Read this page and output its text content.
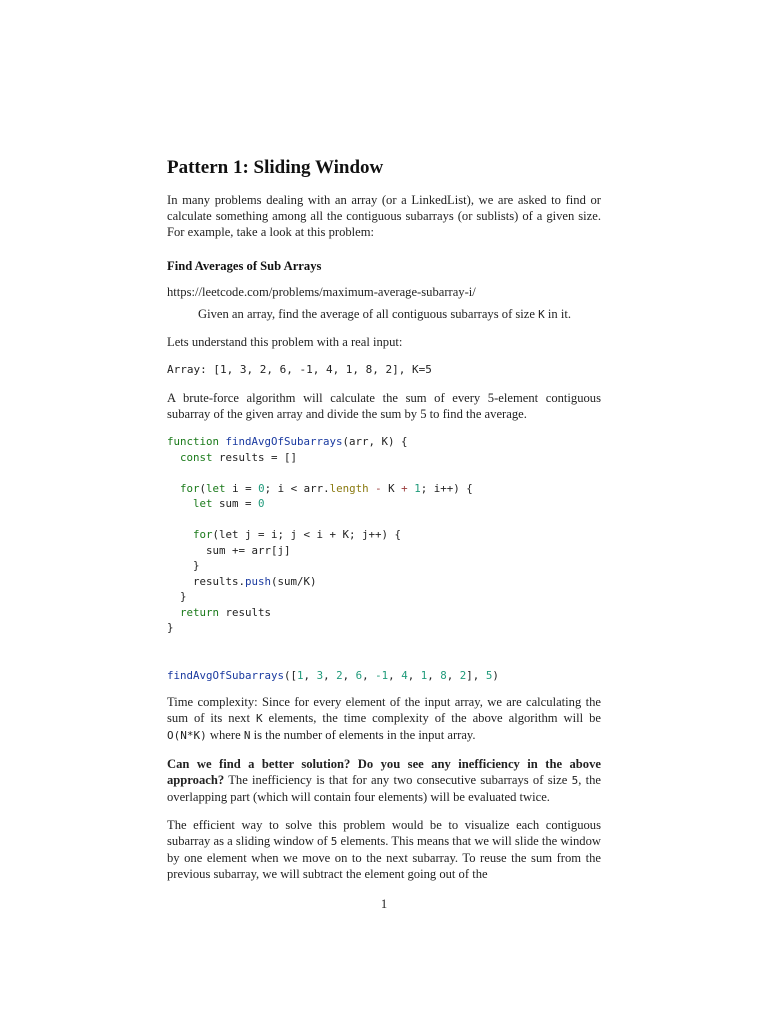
Pattern 1: Sliding Window

In many problems dealing with an array (or a LinkedList), we are asked to find or calculate something among all the contiguous subarrays (or sublists) of a given size. For example, take a look at this problem:

Find Averages of Sub Arrays

https://leetcode.com/problems/maximum-average-subarray-i/

Given an array, find the average of all contiguous subarrays of size K in it.

Lets understand this problem with a real input:

Array: [1, 3, 2, 6, -1, 4, 1, 8, 2], K=5

A brute-force algorithm will calculate the sum of every 5-element contiguous subarray of the given array and divide the sum by 5 to find the average.

function findAvgOfSubarrays(arr, K) {
const results = []

for(let i = 0; i < arr.length - K + 1; i++) {
let sum = 0

for(let j = i; j < i + K; j++) {
sum += arr[j]
}
results.push(sum/K)
}
return results
}
findAvgOfSubarrays([1, 3, 2, 6, -1, 4, 1, 8, 2], 5)

Time complexity: Since for every element of the input array, we are calculating the sum of its next K elements, the time complexity of the above algorithm will be O(N*K) where N is the number of elements in the input array.

Can we find a better solution? Do you see any inefficiency in the above approach? The inefficiency is that for any two consecutive subarrays of size 5, the overlapping part (which will contain four elements) will be evaluated twice.

The efficient way to solve this problem would be to visualize each contiguous subarray as a sliding window of 5 elements. This means that we will slide the window by one element when we move on to the next subarray. To reuse the sum from the previous subarray, we will subtract the element going out of the

1
